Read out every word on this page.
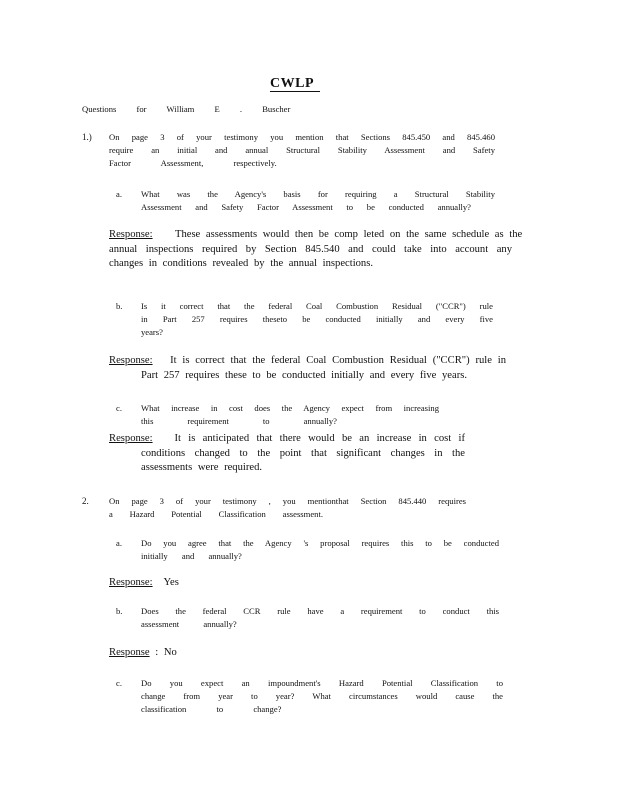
CWLP
Questions for William E . Buscher
1.) On page 3 of your testimony you mention that Sections 845.450 and 845.460
require an initial and annual Structural Stability Assessment and Safety
Factor Assessment, respectively.
a. What was the Agency's basis for requiring a Structural Stability
Assessment and Safety Factor Assessment to be conducted annually?
Response: These assessments would then be comp leted on the same schedule as the
annual inspections required by Section 845.540 and could take into account any
changes in conditions revealed by the annual inspections.
b. Is it correct that the federal Coal Combustion Residual ("CCR") rule
in Part 257 requires theseto be conducted initially and every five
years?
Response: It is correct that the federal Coal Combustion Residual ("CCR") rule in
Part 257 requires these to be conducted initially and every five years.
c. What increase in cost does the Agency expect from increasing
this requirement to annually?
Response: It is anticipated that there would be an increase in cost if
conditions changed to the point that significant changes in the
assessments were required.
2. On page 3 of your testimony , you mentionthat Section 845.440 requires
a Hazard Potential Classification assessment.
a. Do you agree that the Agency 's proposal requires this to be conducted
initially and annually?
Response: Yes
b. Does the federal CCR rule have a requirement to conduct this
assessment annually?
Response : No
c. Do you expect an impoundment's Hazard Potential Classification to
change from year to year? What circumstances would cause the
classification to change?
